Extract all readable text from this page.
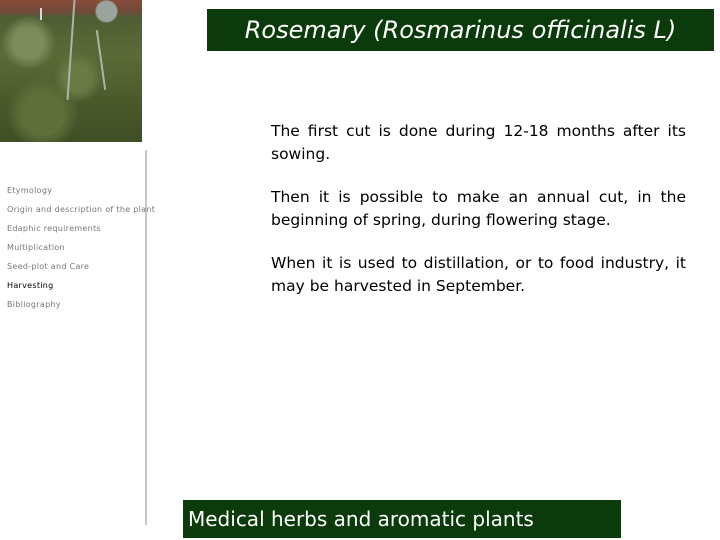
Rosemary (Rosmarinus officinalis L)
Etymology
Origin and description of the plant
Edaphic requirements
Multiplication
Seed-plot and Care
Harvesting
Bibliography

The first cut is done during 12-18 months after its sowing.

Then it is possible to make an annual cut, in the beginning of spring, during flowering stage.

When it is used to distillation, or to food industry, it may be harvested in September.

Medical herbs and aromatic plants
